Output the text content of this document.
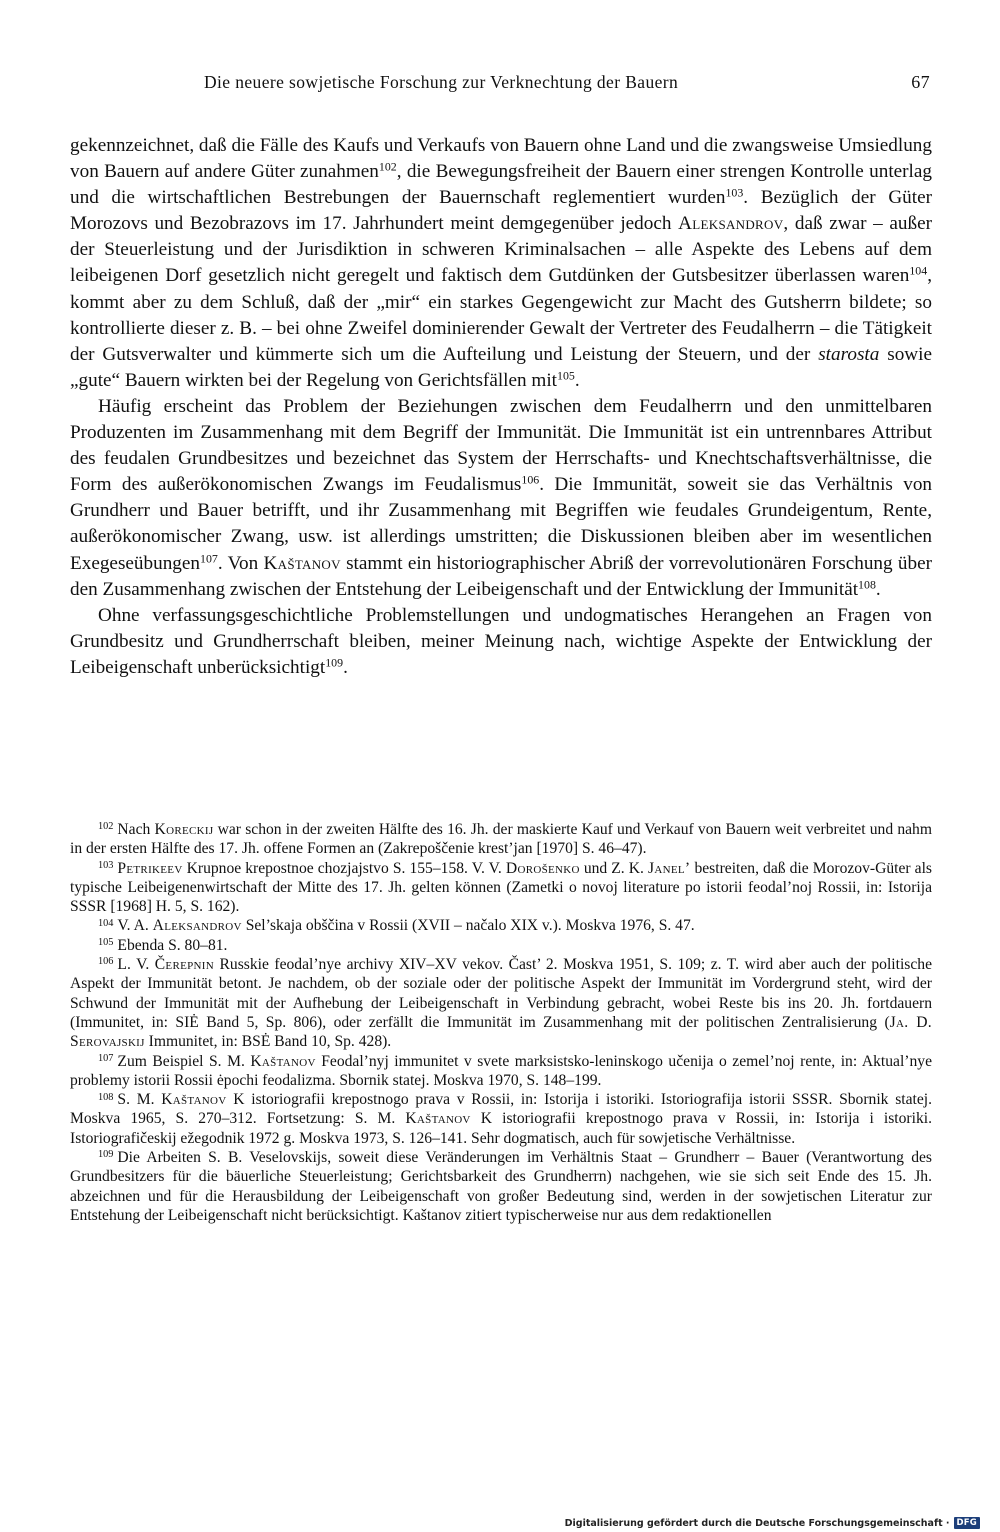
Die neuere sowjetische Forschung zur Verknechtung der Bauern	67

gekennzeichnet, daß die Fälle des Kaufs und Verkaufs von Bauern ohne Land und die zwangsweise Umsiedlung von Bauern auf andere Güter zunahmen$^{102}$, die Bewegungsfreiheit der Bauern einer strengen Kontrolle unterlag und die wirtschaftlichen Bestrebungen der Bauernschaft reglementiert wurden$^{103}$. Bezüglich der Güter Morozovs und Bezobrazovs im 17. Jahrhundert meint demgegenüber jedoch Aleksandrov, daß zwar – außer der Steuerleistung und der Jurisdiktion in schweren Kriminalsachen – alle Aspekte des Lebens auf dem leibeigenen Dorf gesetzlich nicht geregelt und faktisch dem Gutdünken der Gutsbesitzer überlassen waren$^{104}$, kommt aber zu dem Schluß, daß der „mir“ ein starkes Gegengewicht zur Macht des Gutsherrn bildete; so kontrollierte dieser z. B. – bei ohne Zweifel dominierender Gewalt der Vertreter des Feudalherrn – die Tätigkeit der Gutsverwalter und kümmerte sich um die Aufteilung und Leistung der Steuern, und der starosta sowie „gute“ Bauern wirkten bei der Regelung von Gerichtsfällen mit$^{105}$.

Häufig erscheint das Problem der Beziehungen zwischen dem Feudalherrn und den unmittelbaren Produzenten im Zusammenhang mit dem Begriff der Immunität. Die Immunität ist ein untrennbares Attribut des feudalen Grundbesitzes und bezeichnet das System der Herrschafts- und Knechtschaftsverhältnisse, die Form des außerökonomischen Zwangs im Feudalismus$^{106}$. Die Immunität, soweit sie das Verhältnis von Grundherr und Bauer betrifft, und ihr Zusammenhang mit Begriffen wie feudales Grundeigentum, Rente, außerökonomischer Zwang, usw. ist allerdings umstritten; die Diskussionen bleiben aber im wesentlichen Exegeseübungen$^{107}$. Von Kaštanov stammt ein historiographischer Abriß der vorrevolutionären Forschung über den Zusammenhang zwischen der Entstehung der Leibeigenschaft und der Entwicklung der Immunität$^{108}$.

Ohne verfassungsgeschichtliche Problemstellungen und undogmatisches Herangehen an Fragen von Grundbesitz und Grundherrschaft bleiben, meiner Meinung nach, wichtige Aspekte der Entwicklung der Leibeigenschaft unberücksichtigt$^{109}$.

$^{102}$ Nach Koreckij war schon in der zweiten Hälfte des 16. Jh. der maskierte Kauf und Verkauf von Bauern weit verbreitet und nahm in der ersten Hälfte des 17. Jh. offene Formen an (Zakrepoščenie krest’jan [1970] S. 46–47).

$^{103}$ Petrikeev Krupnoe krepostnoe chozjajstvo S. 155–158. V. V. Dorošenko und Z. K. Janel’ bestreiten, daß die Morozov-Güter als typische Leibeigenenwirtschaft der Mitte des 17. Jh. gelten können (Zametki o novoj literature po istorii feodal’noj Rossii, in: Istorija SSSR [1968] H. 5, S. 162).

$^{104}$ V. A. Aleksandrov Sel’skaja obščina v Rossii (XVII – načalo XIX v.). Moskva 1976, S. 47.

$^{105}$ Ebenda S. 80–81.

$^{106}$ L. V. Čerepnin Russkie feodal’nye archivy XIV–XV vekov. Čast’ 2. Moskva 1951, S. 109; z. T. wird aber auch der politische Aspekt der Immunität betont. Je nachdem, ob der soziale oder der politische Aspekt der Immunität im Vordergrund steht, wird der Schwund der Immunität mit der Aufhebung der Leibeigenschaft in Verbindung gebracht, wobei Reste bis ins 20. Jh. fortdauern (Immunitet, in: SIĖ Band 5, Sp. 806), oder zerfällt die Immunität im Zusammenhang mit der politischen Zentralisierung (Ja. D. Serovajskij Immunitet, in: BSĖ Band 10, Sp. 428).

$^{107}$ Zum Beispiel S. M. Kaštanov Feodal’nyj immunitet v svete marksistsko-leninskogo učenija o zemel’noj rente, in: Aktual’nye problemy istorii Rossii ėpochi feodalizma. Sbornik statej. Moskva 1970, S. 148–199.

$^{108}$ S. M. Kaštanov K istoriografii krepostnogo prava v Rossii, in: Istorija i istoriki. Istoriografija istorii SSSR. Sbornik statej. Moskva 1965, S. 270–312. Fortsetzung: S. M. Kaštanov K istoriografii krepostnogo prava v Rossii, in: Istorija i istoriki. Istoriografičeskij ežegodnik 1972 g. Moskva 1973, S. 126–141. Sehr dogmatisch, auch für sowjetische Verhältnisse.

$^{109}$ Die Arbeiten S. B. Veselovskijs, soweit diese Veränderungen im Verhältnis Staat – Grundherr – Bauer (Verantwortung des Grundbesitzers für die bäuerliche Steuerleistung; Gerichtsbarkeit des Grundherrn) nachgehen, wie sie sich seit Ende des 15. Jh. abzeichnen und für die Herausbildung der Leibeigenschaft von großer Bedeutung sind, werden in der sowjetischen Literatur zur Entstehung der Leibeigenschaft nicht berücksichtigt. Kaštanov zitiert typischerweise nur aus dem redaktionellen

Digitalisierung gefördert durch die Deutsche Forschungsgemeinschaft · DFG
